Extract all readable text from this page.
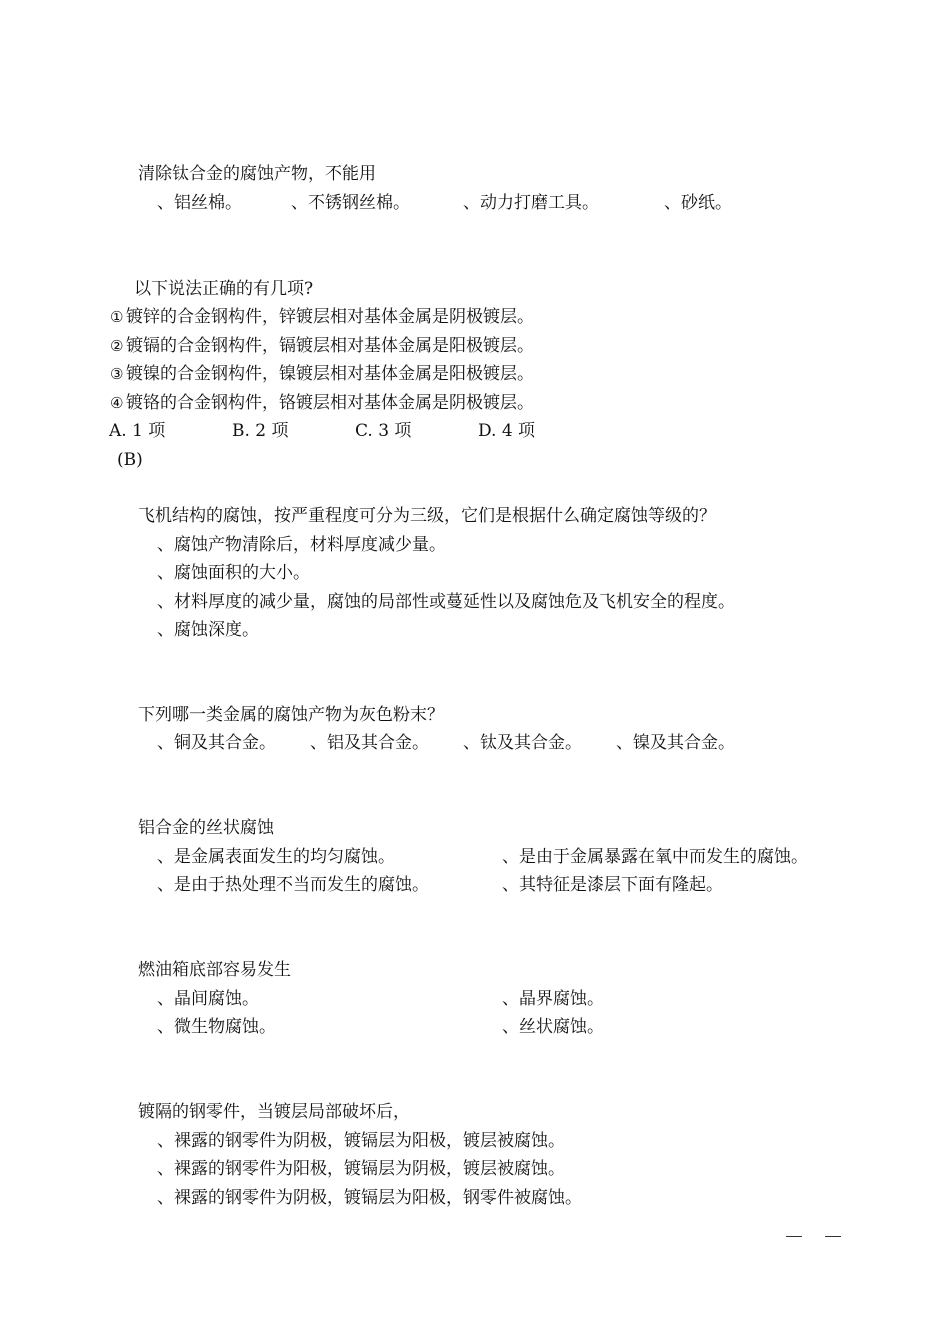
清除钛合金的腐蚀产物，不能用
、铝丝棉。	、不锈钢丝棉。	、动力打磨工具。	、砂纸。
以下说法正确的有几项?
① 镀锌的合金钢构件，锌镀层相对基体金属是阴极镀层。
② 镀镉的合金钢构件，镉镀层相对基体金属是阳极镀层。
③ 镀镍的合金钢构件，镍镀层相对基体金属是阳极镀层。
④ 镀铬的合金钢构件，铬镀层相对基体金属是阴极镀层。
A. 1 项	B. 2 项	C. 3 项	D. 4 项
(B)
飞机结构的腐蚀，按严重程度可分为三级，它们是根据什么确定腐蚀等级的？
、腐蚀产物清除后，材料厚度减少量。
、腐蚀面积的大小。
、材料厚度的减少量，腐蚀的局部性或蔓延性以及腐蚀危及飞机安全的程度。
、腐蚀深度。
下列哪一类金属的腐蚀产物为灰色粉末？
、铜及其合金。 、铝及其合金。 、钛及其合金。 、镍及其合金。
铝合金的丝状腐蚀
、是金属表面发生的均匀腐蚀。	、是由于金属暴露在氧中而发生的腐蚀。
、是由于热处理不当而发生的腐蚀。	、其特征是漆层下面有隆起。
燃油箱底部容易发生
、晶间腐蚀。	、晶界腐蚀。
、微生物腐蚀。	、丝状腐蚀。
镀隔的钢零件，当镀层局部破坏后，
、裸露的钢零件为阴极，镀镉层为阳极，镀层被腐蚀。
、裸露的钢零件为阳极，镀镉层为阴极，镀层被腐蚀。
、裸露的钢零件为阴极，镀镉层为阳极，钢零件被腐蚀。
